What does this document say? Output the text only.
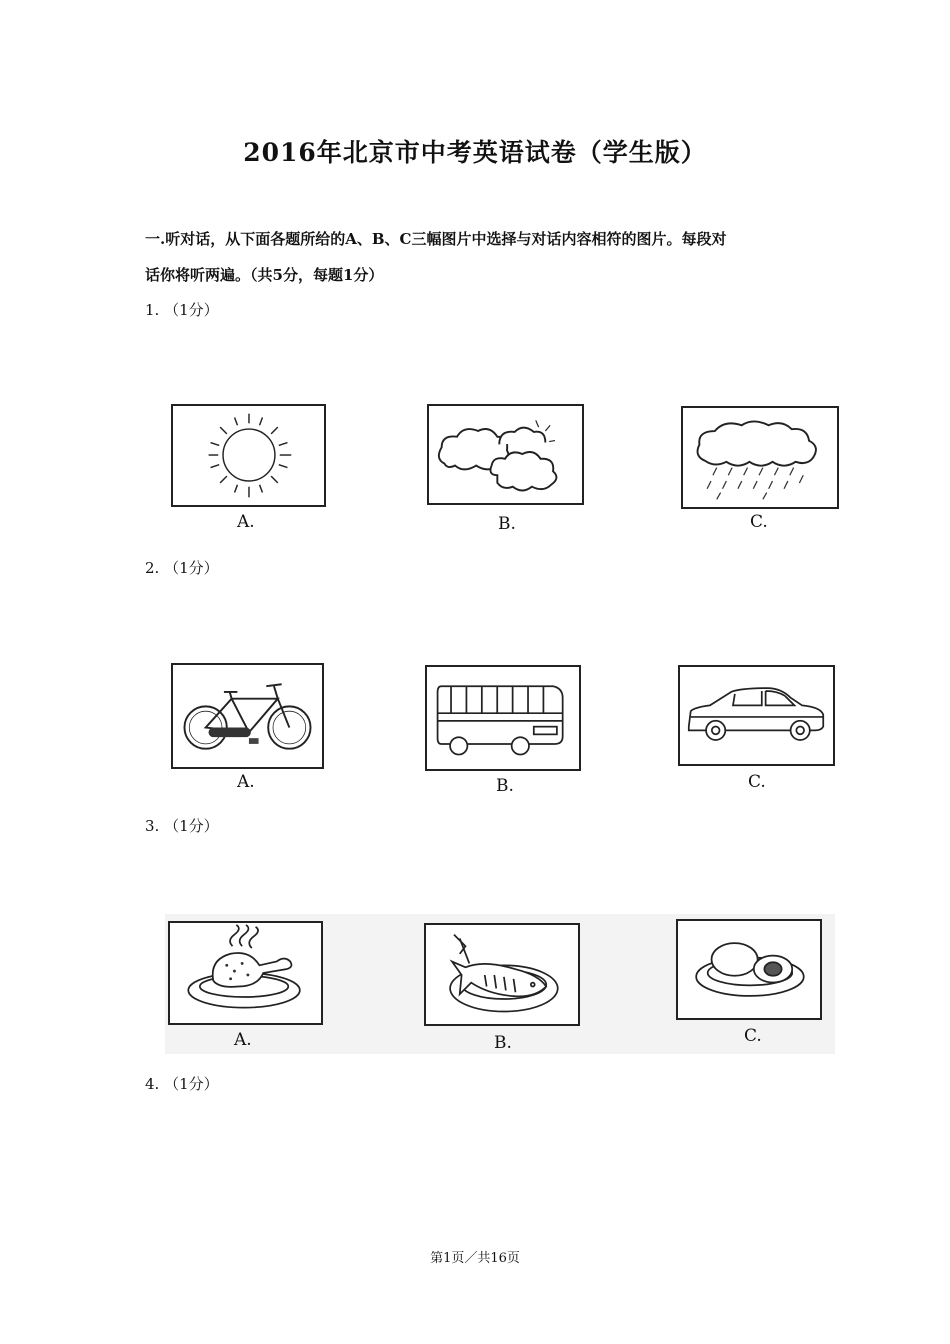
2016年北京市中考英语试卷（学生版）
一.听对话，从下面各题所给的A、B、C三幅图片中选择与对话内容相符的图片。每段对
话你将听两遍。（共5分，每题1分）
1. （1分）
A.	B.	C.
2. （1分）
A.	B.	C.
3. （1分）
A.	B.	C.
4. （1分）
第1页／共16页
